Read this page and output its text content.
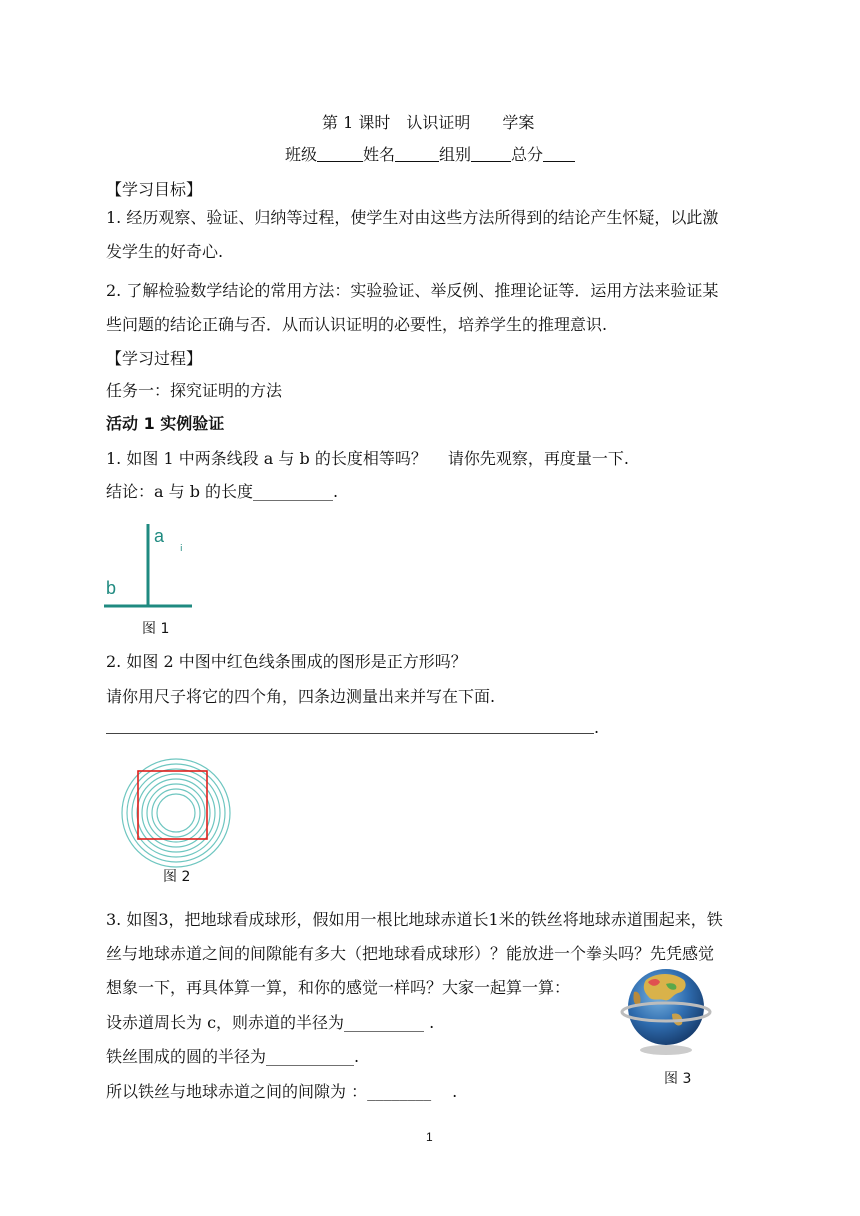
第 1 课时　认识证明　　学案
班级	姓名	组别	总分
【学习目标】
1. 经历观察、验证、归纳等过程，使学生对由这些方法所得到的结论产生怀疑，以此激
发学生的好奇心.
2. 了解检验数学结论的常用方法：实验验证、举反例、推理论证等．运用方法来验证某
些问题的结论正确与否．从而认识证明的必要性，培养学生的推理意识.
【学习过程】
任务一：探究证明的方法
活动 1 实例验证
1. 如图 1 中两条线段 a 与 b 的长度相等吗？　 请你先观察，再度量一下.
结论：a 与 b 的长度__________.
a
b
ⅰ
图 1
2. 如图 2 中图中红色线条围成的图形是正方形吗？
请你用尺子将它的四个角，四条边测量出来并写在下面.
.
图 2
3. 如图3，把地球看成球形，假如用一根比地球赤道长1米的铁丝将地球赤道围起来，铁
丝与地球赤道之间的间隙能有多大（把地球看成球形）？能放进一个拳头吗？先凭感觉
想象一下，再具体算一算，和你的感觉一样吗？大家一起算一算：
设赤道周长为 c，则赤道的半径为__________ .
铁丝围成的圆的半径为___________.
所以铁丝与地球赤道之间的间隙为 ：________　 .
图 3
1
